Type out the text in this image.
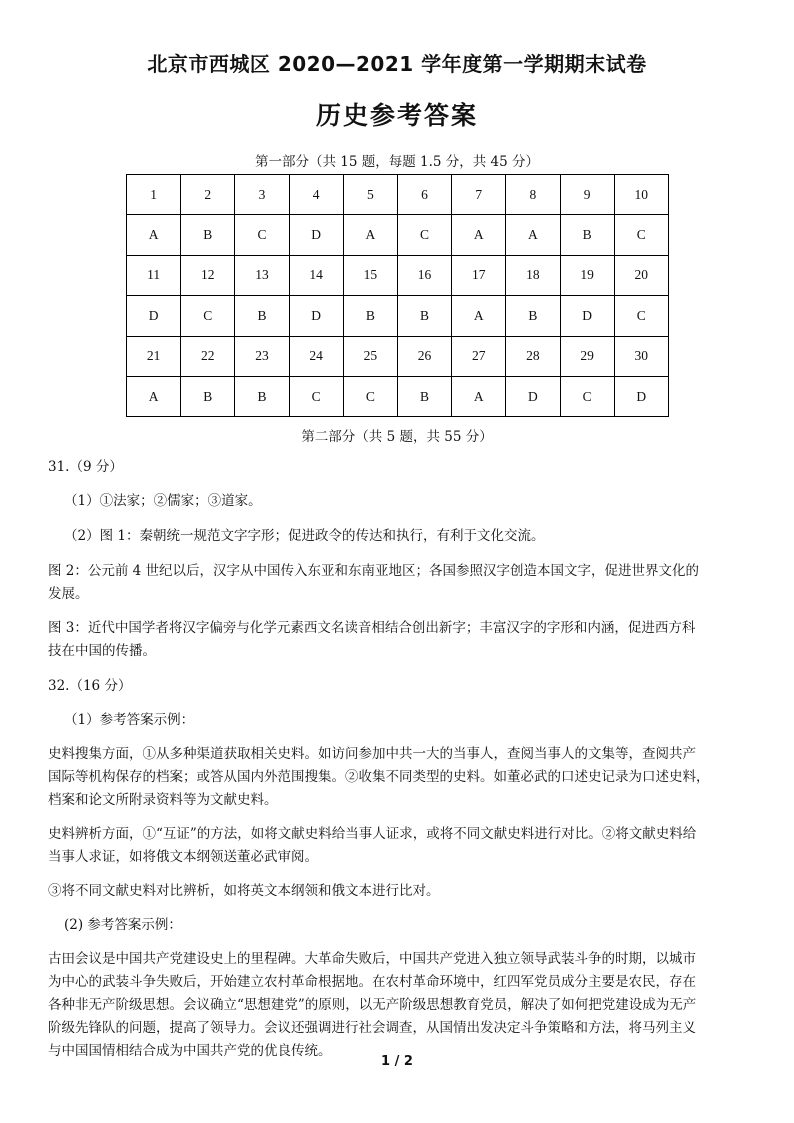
北京市西城区 2020—2021 学年度第一学期期末试卷
历史参考答案
第一部分（共 15 题，每题 1.5 分，共 45 分）
1	2	3	4	5	6	7	8	9	10
A	B	C	D	A	C	A	A	B	C
11	12	13	14	15	16	17	18	19	20
D	C	B	D	B	B	A	B	D	C
21	22	23	24	25	26	27	28	29	30
A	B	B	C	C	B	A	D	C	D
第二部分（共 5 题，共 55 分）

31.（9 分）

（1）①法家；②儒家；③道家。

（2）图 1：秦朝统一规范文字字形；促进政令的传达和执行，有利于文化交流。

图 2：公元前 4 世纪以后，汉字从中国传入东亚和东南亚地区；各国参照汉字创造本国文字，促进世界文化的

发展。

图 3：近代中国学者将汉字偏旁与化学元素西文名读音相结合创出新字；丰富汉字的字形和内涵，促进西方科

技在中国的传播。

32.（16 分）

（1）参考答案示例：

史料搜集方面，①从多种渠道获取相关史料。如访问参加中共一大的当事人，查阅当事人的文集等，查阅共产

国际等机构保存的档案；或答从国内外范围搜集。②收集不同类型的史料。如董必武的口述史记录为口述史料，

档案和论文所附录资料等为文献史料。

史料辨析方面，①“互证”的方法，如将文献史料给当事人证求，或将不同文献史料进行对比。②将文献史料给

当事人求证，如将俄文本纲领送董必武审阅。

③将不同文献史料对比辨析，如将英文本纲领和俄文本进行比对。

(2) 参考答案示例：

古田会议是中国共产党建设史上的里程碑。大革命失败后，中国共产党进入独立领导武装斗争的时期，以城市

为中心的武装斗争失败后，开始建立农村革命根据地。在农村革命环境中，红四军党员成分主要是农民，存在

各种非无产阶级思想。会议确立“思想建党”的原则，以无产阶级思想教育党员，解决了如何把党建设成为无产

阶级先锋队的问题，提高了领导力。会议还强调进行社会调查，从国情出发决定斗争策略和方法，将马列主义

与中国国情相结合成为中国共产党的优良传统。

1 / 2
